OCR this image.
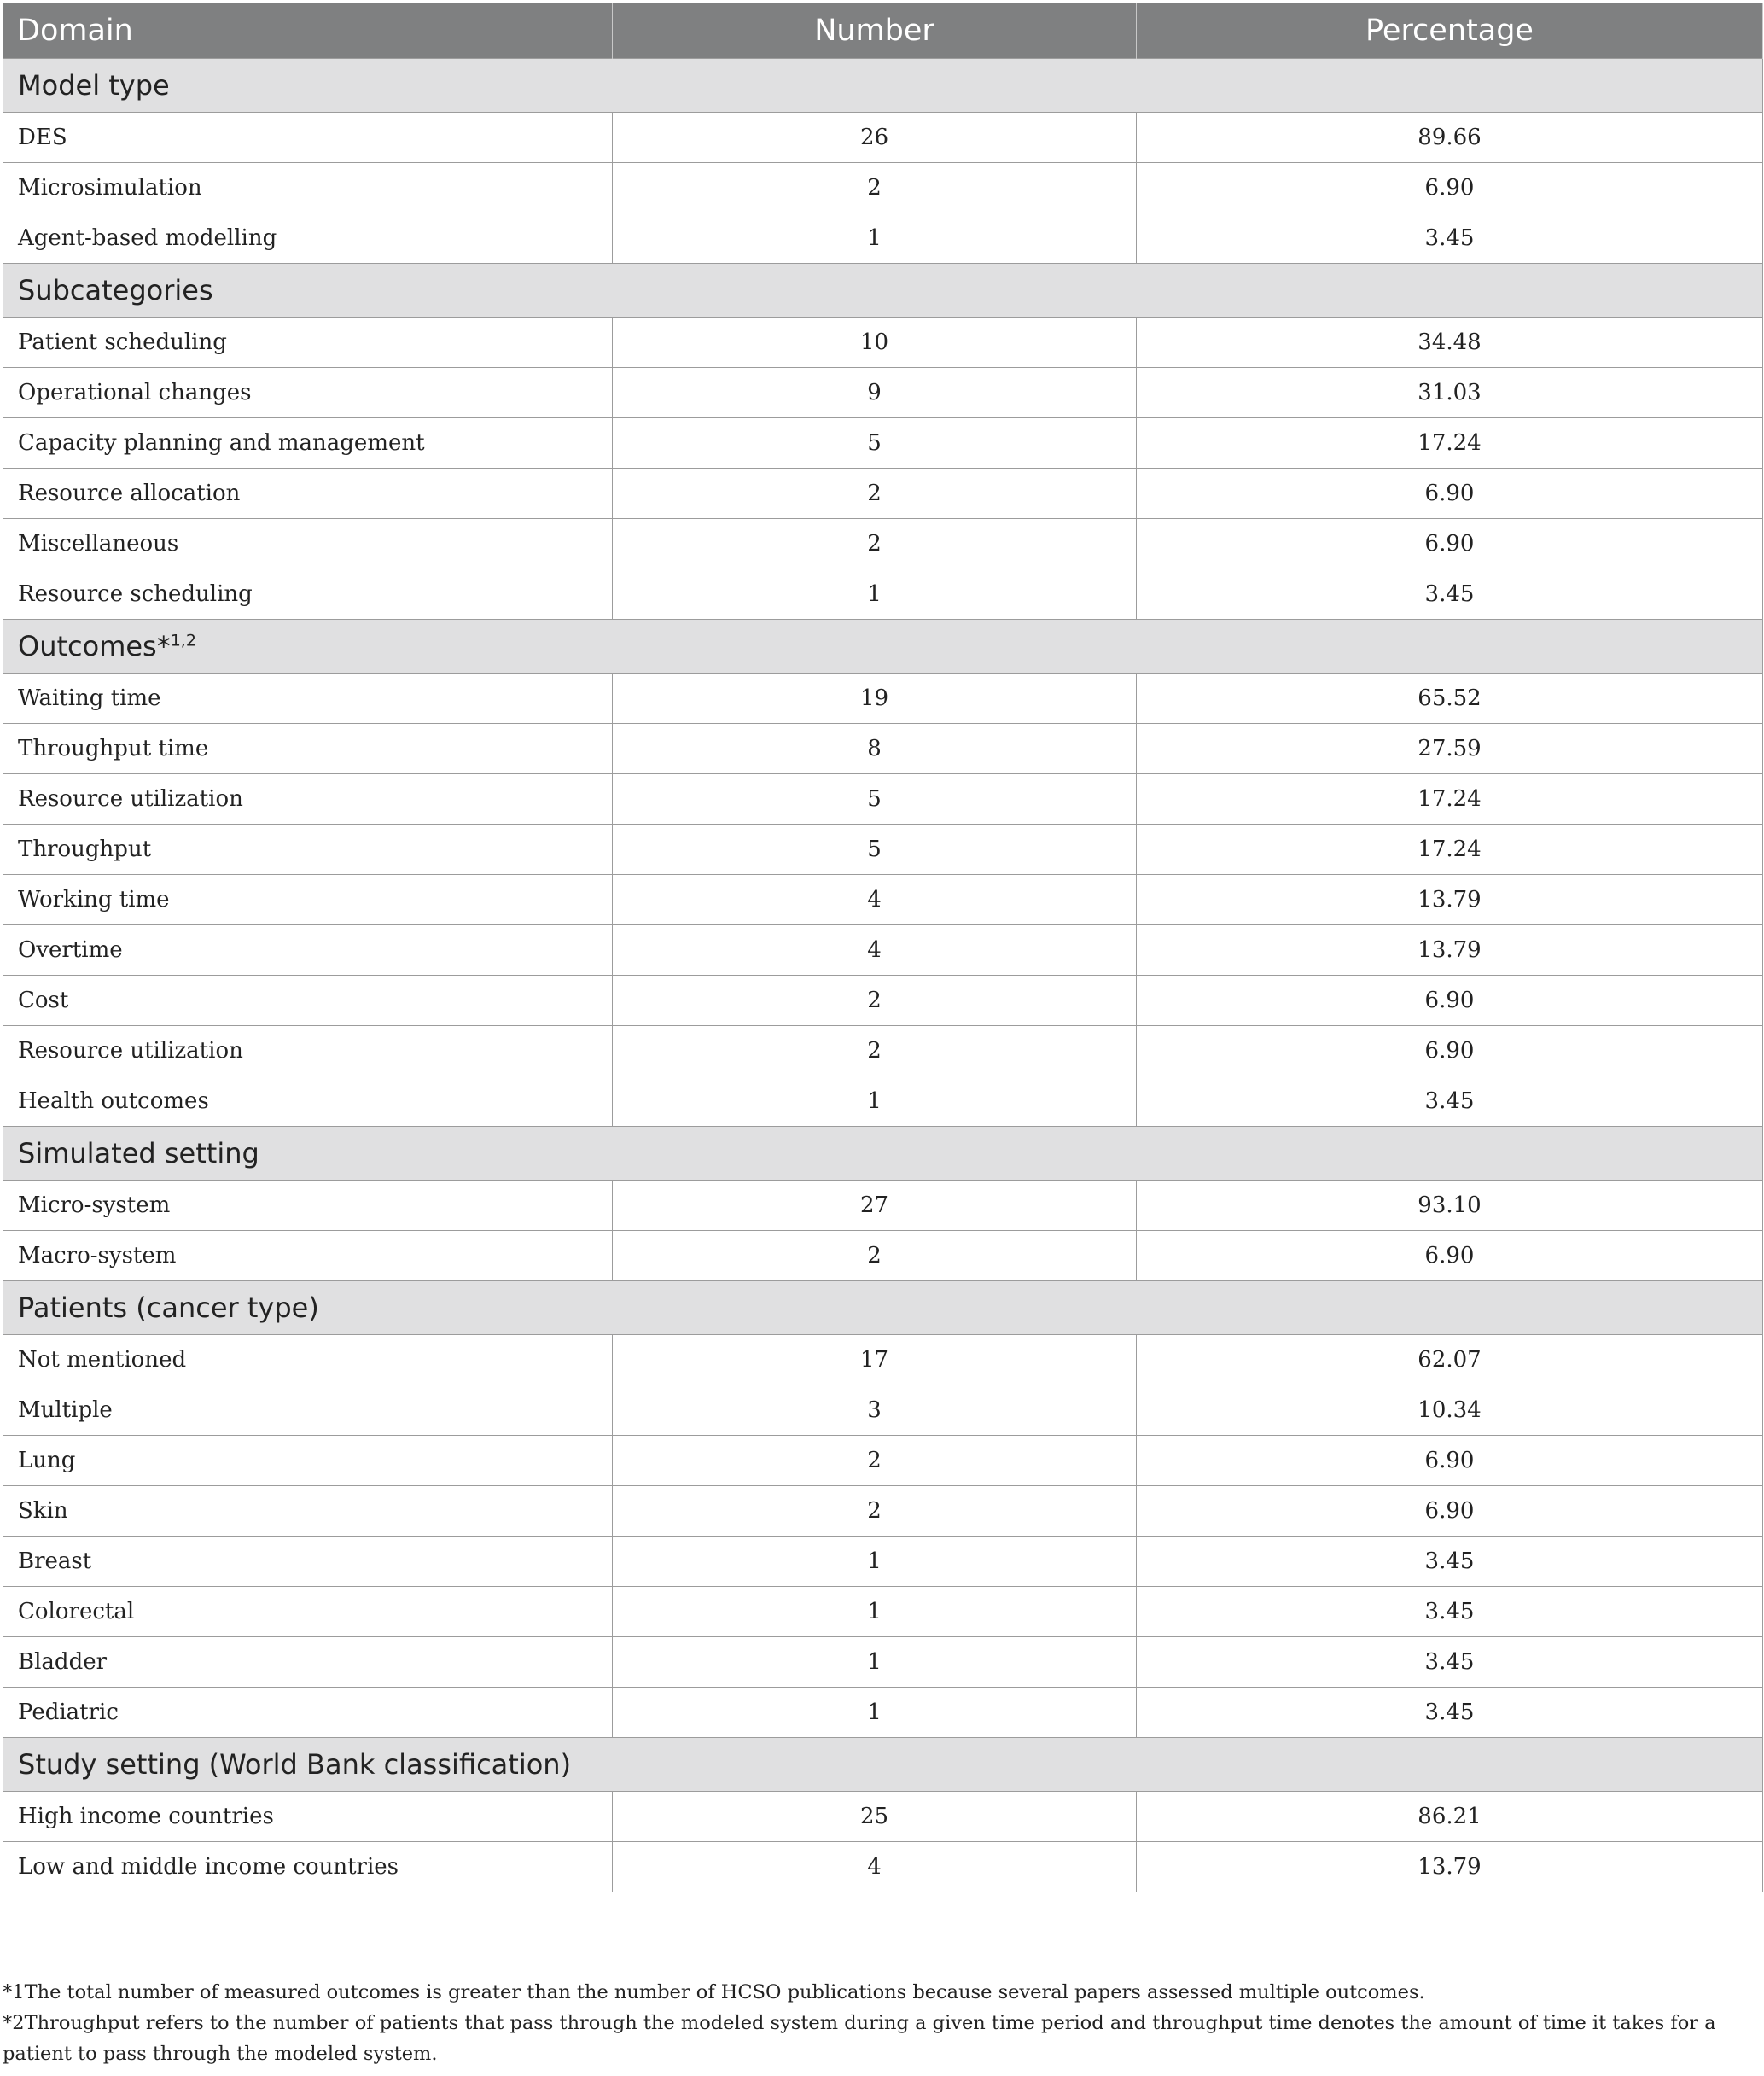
Domain	Number	Percentage
Model type		
DES	26	89.66
Microsimulation	2	6.90
Agent-based modelling	1	3.45
Subcategories		
Patient scheduling	10	34.48
Operational changes	9	31.03
Capacity planning and management	5	17.24
Resource allocation	2	6.90
Miscellaneous	2	6.90
Resource scheduling	1	3.45
Outcomes*$^{1,2}$
Waiting time	19	65.52
Throughput time	8	27.59
Resource utilization	5	17.24
Throughput	5	17.24
Working time	4	13.79
Overtime	4	13.79
Cost	2	6.90
Resource utilization	2	6.90
Health outcomes	1	3.45
Simulated setting		
Micro-system	27	93.10
Macro-system	2	6.90
Patients (cancer type)		
Not mentioned	17	62.07
Multiple	3	10.34
Lung	2	6.90
Skin	2	6.90
Breast	1	3.45
Colorectal	1	3.45
Bladder	1	3.45
Pediatric	1	3.45
Study setting (World Bank classification)		
High income countries	25	86.21
Low and middle income countries	4	13.79

*1The total number of measured outcomes is greater than the number of HCSO publications because several papers assessed multiple outcomes.

*2Throughput refers to the number of patients that pass through the modeled system during a given time period and throughput time denotes the amount of time it takes for a patient to pass through the modeled system.
